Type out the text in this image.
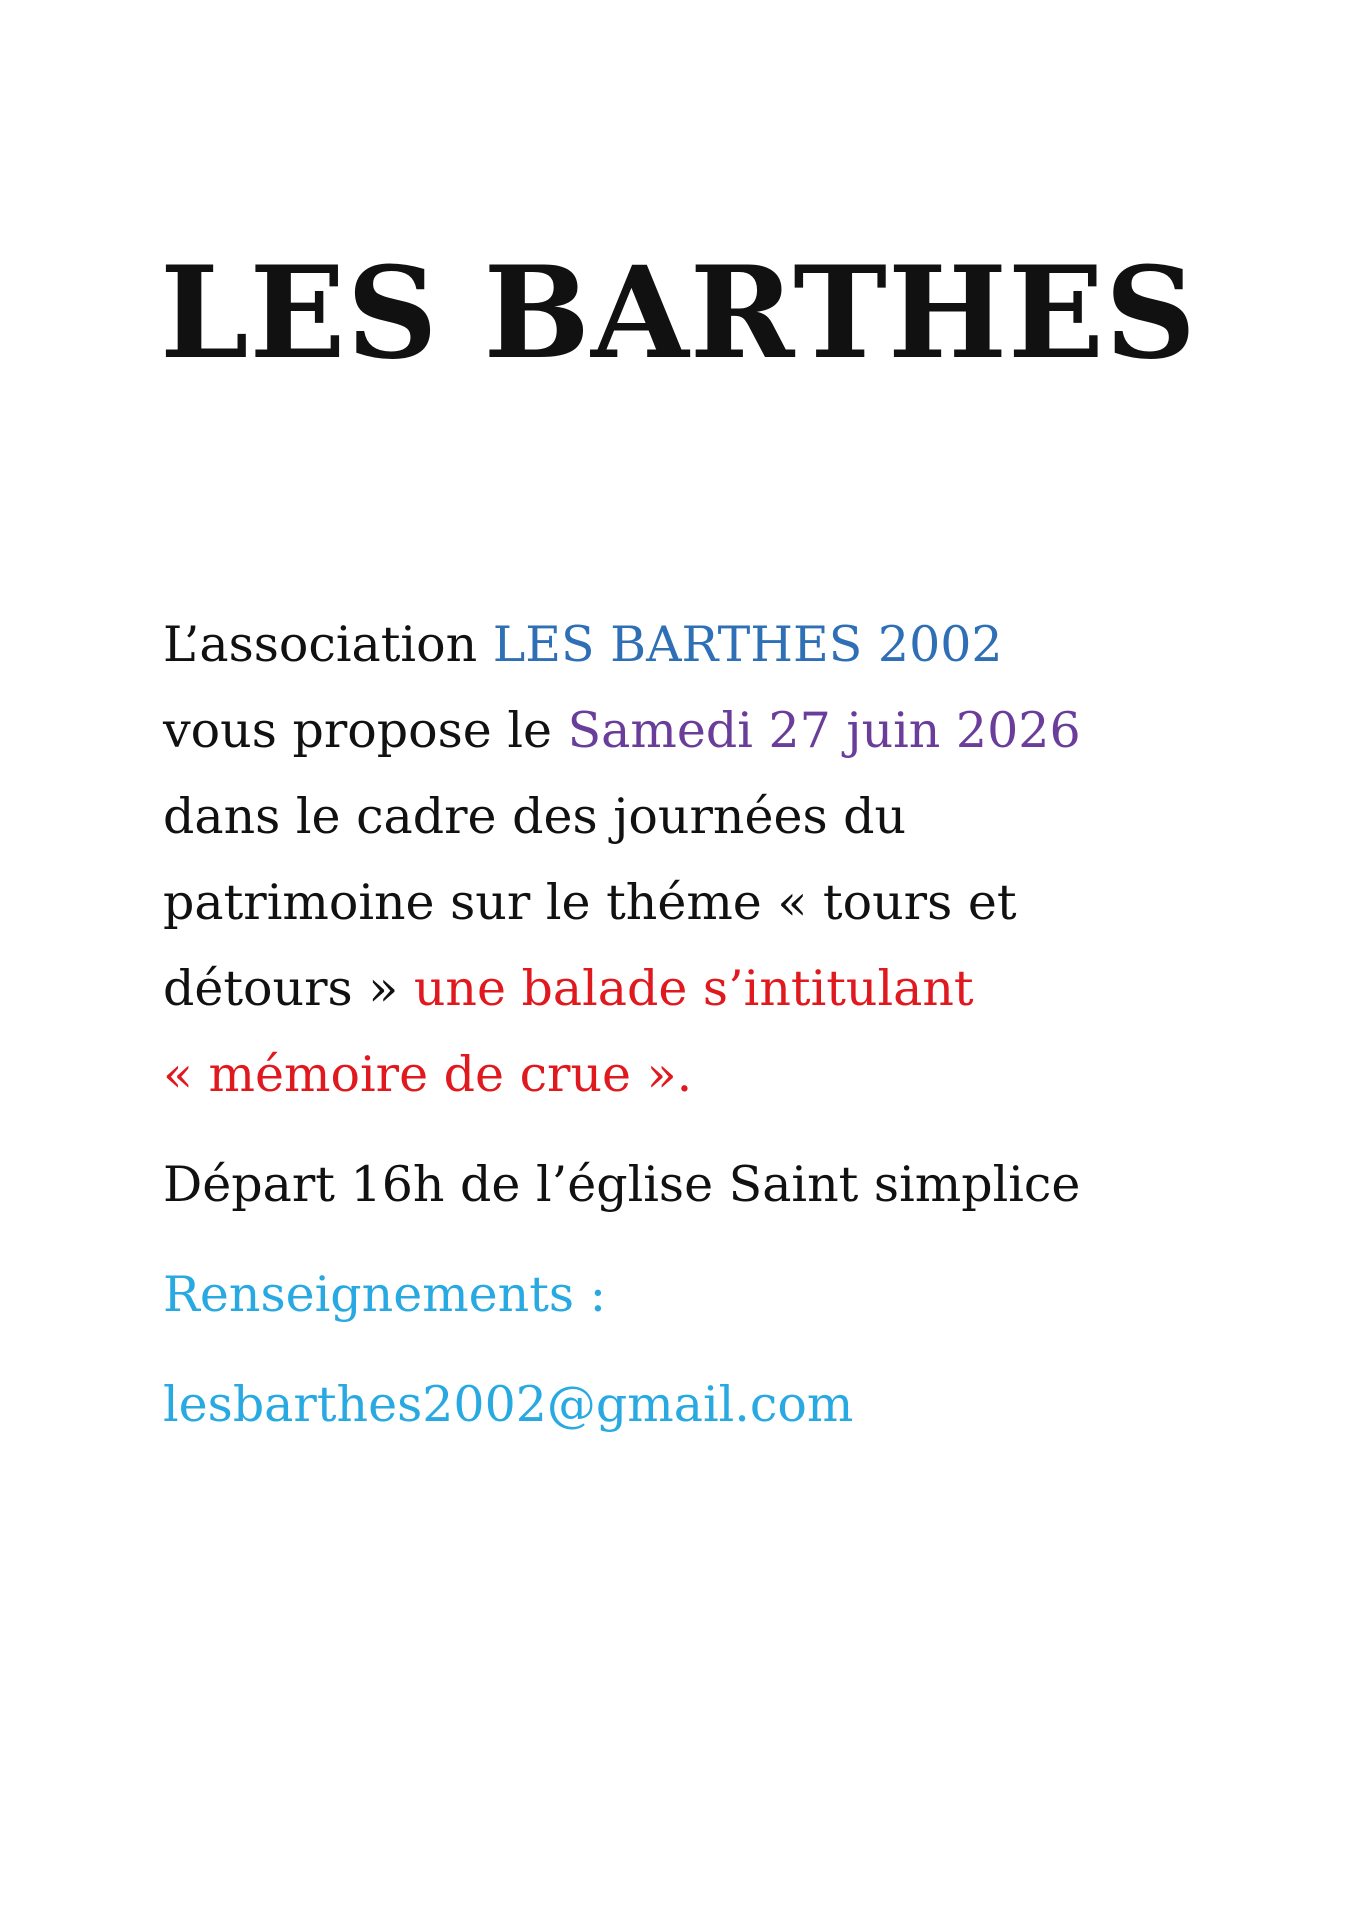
LES BARTHES
L’association LES BARTHES 2002
vous propose le Samedi 27 juin 2026
dans le cadre des journées du
patrimoine sur le théme « tours et
détours » une balade s’intitulant
« mémoire de crue ».

Départ 16h de l’église Saint simplice

Renseignements :

lesbarthes2002@gmail.com
